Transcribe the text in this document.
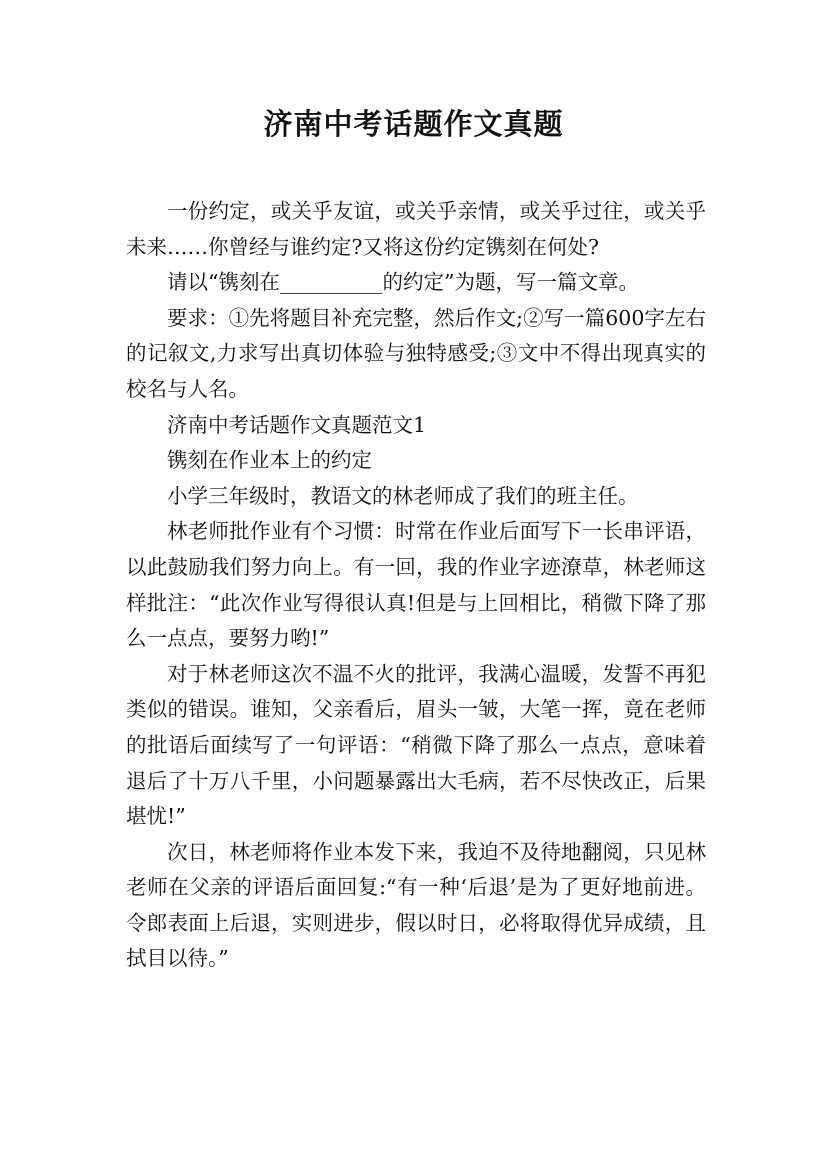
济南中考话题作文真题

一份约定，或关乎友谊，或关乎亲情，或关乎过往，或关乎未来……你曾经与谁约定?又将这份约定镌刻在何处?

请以“镌刻在__________的约定”为题，写一篇文章。

要求：①先将题目补充完整，然后作文;②写一篇600字左右的记叙文,力求写出真切体验与独特感受;③文中不得出现真实的校名与人名。

济南中考话题作文真题范文1

镌刻在作业本上的约定

小学三年级时，教语文的林老师成了我们的班主任。

林老师批作业有个习惯：时常在作业后面写下一长串评语，以此鼓励我们努力向上。有一回，我的作业字迹潦草，林老师这样批注：“此次作业写得很认真!但是与上回相比，稍微下降了那么一点点，要努力哟!”

对于林老师这次不温不火的批评，我满心温暖，发誓不再犯类似的错误。谁知，父亲看后，眉头一皱，大笔一挥，竟在老师的批语后面续写了一句评语：“稍微下降了那么一点点，意味着退后了十万八千里，小问题暴露出大毛病，若不尽快改正，后果堪忧!”

次日，林老师将作业本发下来，我迫不及待地翻阅，只见林老师在父亲的评语后面回复:“有一种‘后退’是为了更好地前进。令郎表面上后退，实则进步，假以时日，必将取得优异成绩，且拭目以待。”
